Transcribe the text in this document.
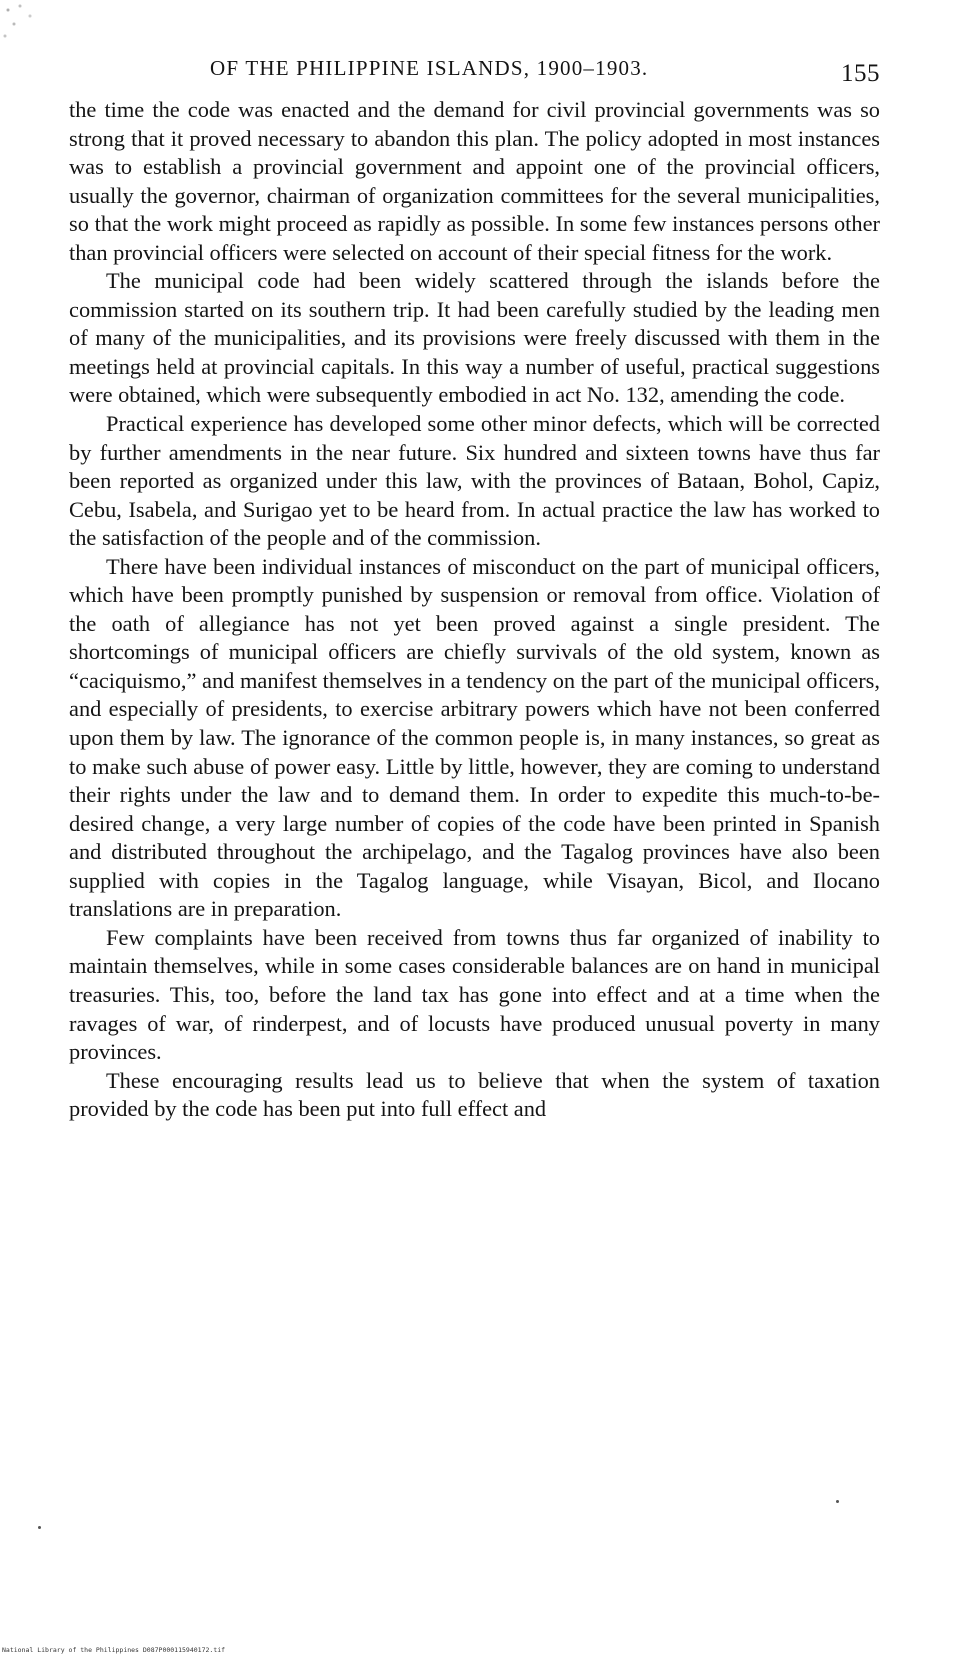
OF THE PHILIPPINE ISLANDS, 1900–1903.	155

the time the code was enacted and the demand for civil provincial governments was so strong that it proved necessary to abandon this plan. The policy adopted in most instances was to establish a provincial government and appoint one of the provincial officers, usually the governor, chairman of organization committees for the several municipalities, so that the work might proceed as rapidly as possible. In some few instances persons other than provincial officers were selected on account of their special fitness for the work.

The municipal code had been widely scattered through the islands before the commission started on its southern trip. It had been carefully studied by the leading men of many of the municipalities, and its provisions were freely discussed with them in the meetings held at provincial capitals. In this way a number of useful, practical suggestions were obtained, which were subsequently embodied in act No. 132, amending the code.

Practical experience has developed some other minor defects, which will be corrected by further amendments in the near future. Six hundred and sixteen towns have thus far been reported as organized under this law, with the provinces of Bataan, Bohol, Capiz, Cebu, Isabela, and Surigao yet to be heard from. In actual practice the law has worked to the satisfaction of the people and of the commission.

There have been individual instances of misconduct on the part of municipal officers, which have been promptly punished by suspension or removal from office. Violation of the oath of allegiance has not yet been proved against a single president. The shortcomings of municipal officers are chiefly survivals of the old system, known as “caciquismo,” and manifest themselves in a tendency on the part of the municipal officers, and especially of presidents, to exercise arbitrary powers which have not been conferred upon them by law. The ignorance of the common people is, in many instances, so great as to make such abuse of power easy. Little by little, however, they are coming to understand their rights under the law and to demand them. In order to expedite this much-to-be-desired change, a very large number of copies of the code have been printed in Spanish and distributed throughout the archipelago, and the Tagalog provinces have also been supplied with copies in the Tagalog language, while Visayan, Bicol, and Ilocano translations are in preparation.

Few complaints have been received from towns thus far organized of inability to maintain themselves, while in some cases considerable balances are on hand in municipal treasuries. This, too, before the land tax has gone into effect and at a time when the ravages of war, of rinderpest, and of locusts have produced unusual poverty in many provinces.

These encouraging results lead us to believe that when the system of taxation provided by the code has been put into full effect and

National Library of the Philippines D087P000115940172.tif
